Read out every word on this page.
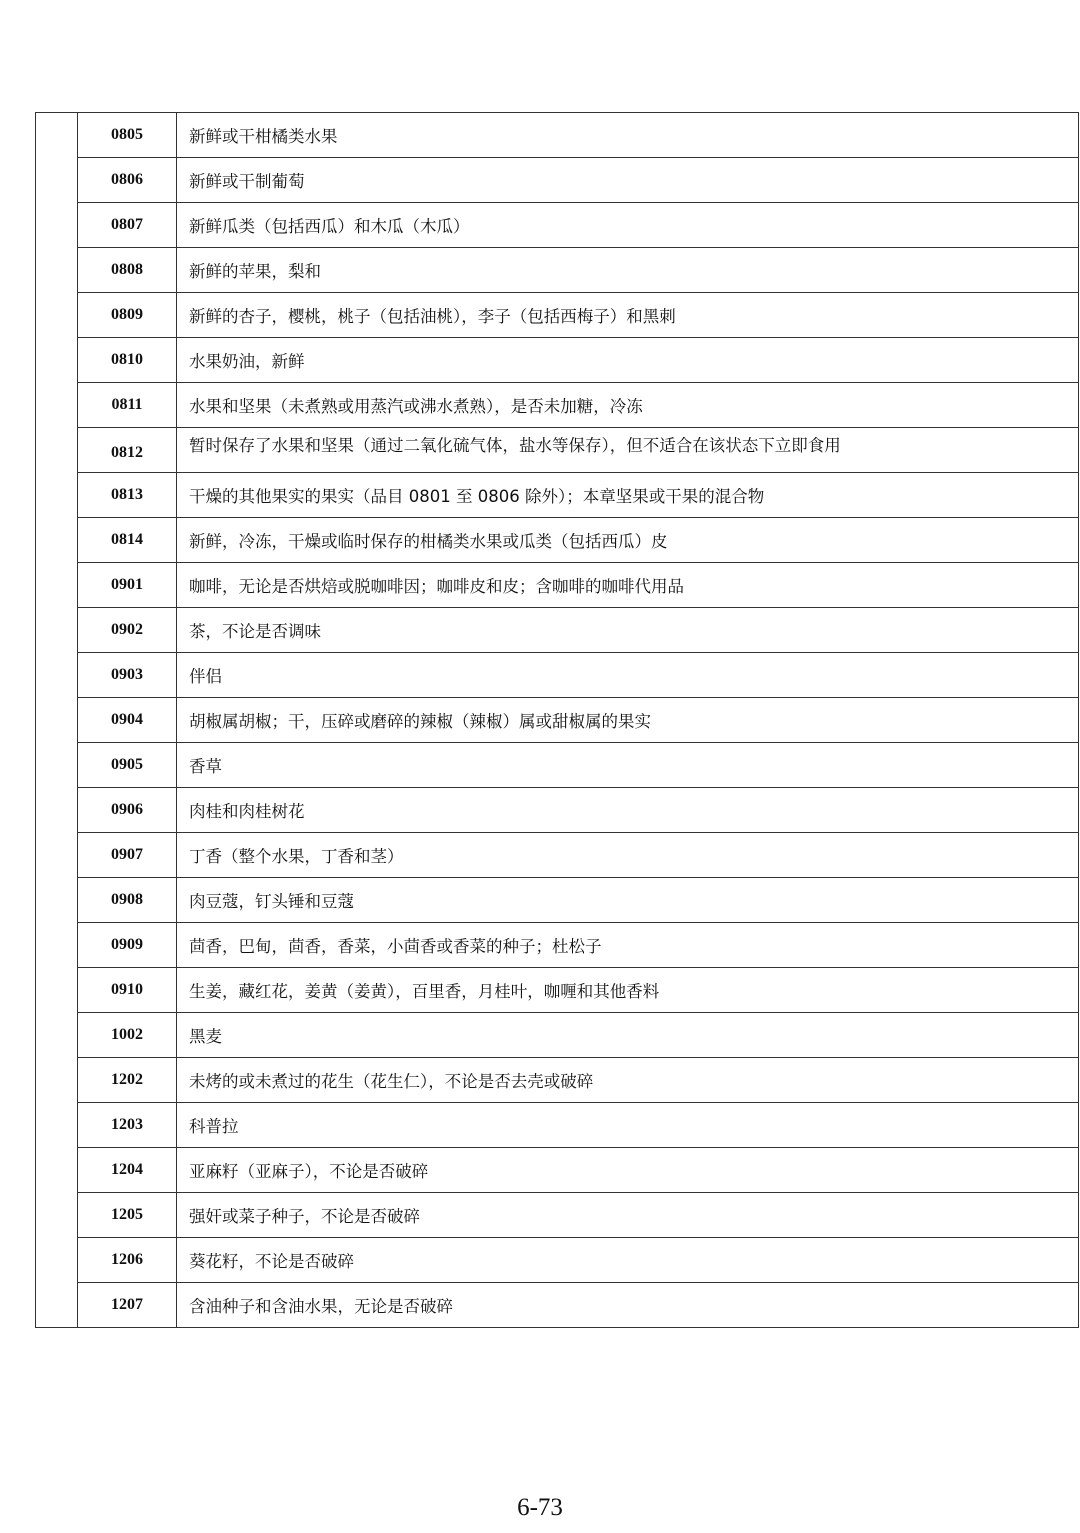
	0805	新鲜或干柑橘类水果
	0806	新鲜或干制葡萄
	0807	新鲜瓜类（包括西瓜）和木瓜（木瓜）
	0808	新鲜的苹果，梨和
	0809	新鲜的杏子，樱桃，桃子（包括油桃），李子（包括西梅子）和黑刺
	0810	水果奶油，新鲜
	0811	水果和坚果（未煮熟或用蒸汽或沸水煮熟），是否未加糖，冷冻
	0812	暂时保存了水果和坚果（通过二氧化硫气体，盐水等保存），但不适合在该状态下立即食用
	0813	干燥的其他果实的果实（品目 0801 至 0806 除外）；本章坚果或干果的混合物
	0814	新鲜，冷冻，干燥或临时保存的柑橘类水果或瓜类（包括西瓜）皮
	0901	咖啡，无论是否烘焙或脱咖啡因；咖啡皮和皮；含咖啡的咖啡代用品
	0902	茶，不论是否调味
	0903	伴侣
	0904	胡椒属胡椒；干，压碎或磨碎的辣椒（辣椒）属或甜椒属的果实
	0905	香草
	0906	肉桂和肉桂树花
	0907	丁香（整个水果，丁香和茎）
	0908	肉豆蔻，钉头锤和豆蔻
	0909	茴香，巴甸，茴香，香菜，小茴香或香菜的种子；杜松子
	0910	生姜，藏红花，姜黄（姜黄），百里香，月桂叶，咖喱和其他香料
	1002	黑麦
	1202	未烤的或未煮过的花生（花生仁），不论是否去壳或破碎
	1203	科普拉
	1204	亚麻籽（亚麻子），不论是否破碎
	1205	强奸或菜子种子，不论是否破碎
	1206	葵花籽，不论是否破碎
	1207	含油种子和含油水果，无论是否破碎
6-73
